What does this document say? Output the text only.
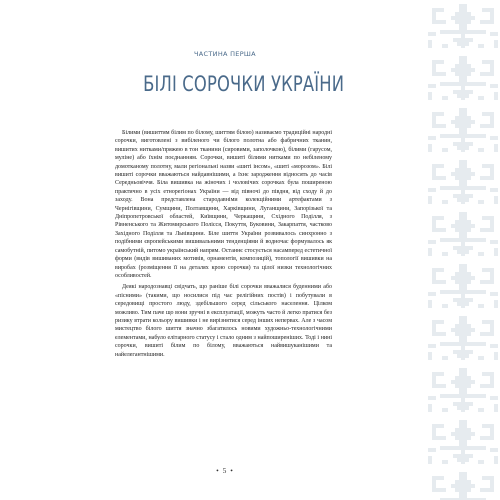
ЧАСТИНА ПЕРША
БІЛІ СОРОЧКИ УКРАЇНИ

Білими (вишиттям білим по білому, шиттям білою) називаємо традиційні народні сорочки, виготовлені з вибіленого чи білого полотна або фабричних тканин, вишитих нитками/пряжею в тон тканини (сировими, заполочкою), білими (гарусом, муліне) або їхнім поєднанням. Сорочки, вишиті білими нитками по небіленому домотканому полотну, мали регіональні назви «шиті інсом», «шиті «морозом». Білі вишиті сорочки вважаються найдавнішими, а їхнє зародження відносять до часів Середньовіччя. Біла вишивка на жіночих і чоловічих сорочках була поширеною практично в усіх етнорегіонах України — від півночі до півдня, від сходу й до заходу. Вона представлена стародавніми колекційними артефактами з Чернігівщини, Сумщини, Полтавщини, Харківщини, Луганщини, Запорізької та Дніпропетровської областей, Київщини, Черкащини, Східного Поділля, з Рівненського та Житомирського Полісся, Покуття, Буковини, Закарпаття, частково Західного Поділля та Львівщини. Біле шиття України розвивалось синхронно з подібними європейськими вишивальними тенденціями й водночас формувалось як самобутній, питомо український напрям. Останнє стосується насамперед естетичної форми (видів вишиваних мотивів, орнаментів, композицій), топології вишивки на виробах (розміщення її на деталях крою сорочки) та цілої низки технологічних особливостей.

Деякі народознавці свідчать, що раніше білі сорочки вважалися буденними або «пісними» (такими, що носилися під час релігійних постів) і побутували в середовищі простого люду, здебільшого серед сільського населення. Цілком можливо. Тим паче що вони зручні в експлуатації, можуть часто й легко пратися без ризику втрати кольору вишивки і не вирізнятися серед інших непервах. Але з часом мистецтво білого шиття значно збагатилось новими художньо-технологічними елементами, набуло елітарного статусу і стало одним з найпоширеніших. Тоді і нині сорочки, вишиті білим по білому, вважаються найвишуканішими та найелегантнішими.

• 5 •
